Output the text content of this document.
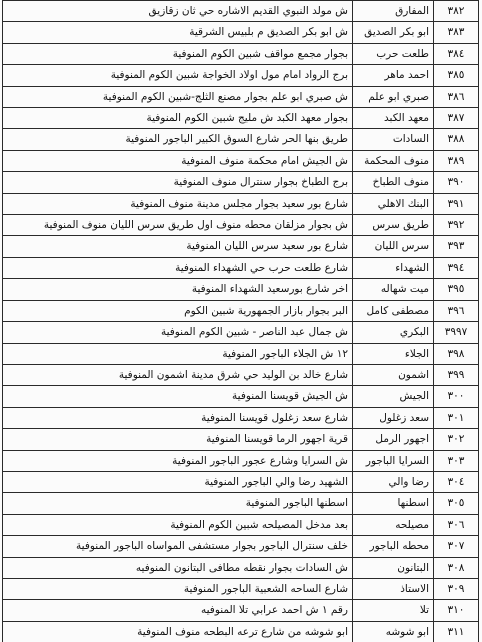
٣٨٢	المفارق	ش مولد النبوي القديم الاشاره حي ثان زقازيق
٣٨٣	ابو بكر الصديق	ش ابو بكر الصديق م بلبيس الشرقية
٣٨٤	طلعت حرب	بجوار مجمع مواقف شبين الكوم المنوفية
٣٨٥	احمد ماهر	برج الرواد امام مول اولاد الخواجة شبين الكوم المنوفية
٣٨٦	صبري ابو علم	ش صبري ابو علم بجوار مصنع الثلج-شبين الكوم المنوفية
٣٨٧	معهد الكبد	بجوار معهد الكبد ش مليج شبين الكوم المنوفية
٣٨٨	السادات	طريق بنها الحر شارع السوق الكبير الباجور المنوفية
٣٨٩	منوف المحكمة	ش الجيش امام محكمة منوف المنوفية
٣٩٠	منوف الطباخ	برج الطباخ بجوار سنترال منوف المنوفية
٣٩١	البنك الاهلي	شارع بور سعيد بجوار مجلس مدينة منوف المنوفية
٣٩٢	طريق سرس	ش بجوار مزلقان محطه منوف اول طريق سرس الليان منوف المنوفية
٣٩٣	سرس الليان	شارع بور سعيد سرس الليان المنوفية
٣٩٤	الشهداء	شارع طلعت حرب حي الشهداء المنوفية
٣٩٥	ميت شهاله	اخر شارع بورسعيد الشهداء المنوفية
٣٩٦	مصطفى كامل	البر بجوار بازار الجمهورية شبين الكوم
٣٩٩٧	البكري	ش جمال عبد الناصر - شبين الكوم المنوفية
٣٩٨	الجلاء	١٢ ش الجلاء الباجور المنوفية
٣٩٩	اشمون	شارع خالد بن الوليد حي شرق مدينة اشمون المنوفية
٣٠٠	الجيش	ش الجيش قويسنا المنوفية
٣٠١	سعد زغلول	شارع سعد زغلول قويسنا المنوفية
٣٠٢	اجهور الرمل	قرية اجهور الرما قويسنا المنوفية
٣٠٣	السرايا الباجور	ش السرايا وشارع عجور الباجور المنوفية
٣٠٤	رضا والي	الشهيد رضا والي الباجور المنوفية
٣٠٥	اسطنها	اسطنها الباجور المنوفية
٣٠٦	مصيلحه	بعد مدخل المصيلحه شبين الكوم المنوفية
٣٠٧	محطه الباجور	خلف سنترال الباجور بجوار مستشفى المواساه الباجور المنوفية
٣٠٨	البتانون	ش السادات بجوار نقطه مطافى البتانون المنوفيه
٣٠٩	الاستاذ	شارع الساحه الشعبية الباجور المنوفية
٣١٠	تلا	رقم ١ ش احمد عرابي تلا المنوفيه
٣١١	ابو شوشه	ابو شوشه من شارع ترعه البطحه منوف المنوفية
